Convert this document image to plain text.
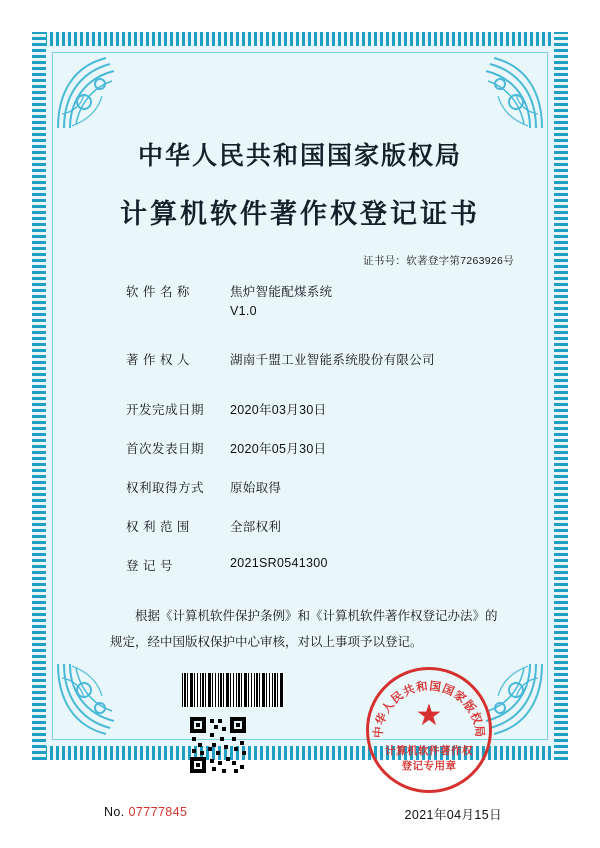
中华人民共和国国家版权局
计算机软件著作权登记证书
证书号：软著登字第7263926号
软 件 名 称	焦炉智能配煤系统
V1.0
著 作 权 人	湖南千盟工业智能系统股份有限公司
开发完成日期	2020年03月30日
首次发表日期	2020年05月30日
权利取得方式	原始取得
权 利 范 围	全部权利
登 记 号	2021SR0541300
根据《计算机软件保护条例》和《计算机软件著作权登记办法》的
规定，经中国版权保护中心审核，对以上事项予以登记。
中华人民共和国国家版权局
★
计算机软件著作权
登记专用章
No. 07777845	2021年04月15日
